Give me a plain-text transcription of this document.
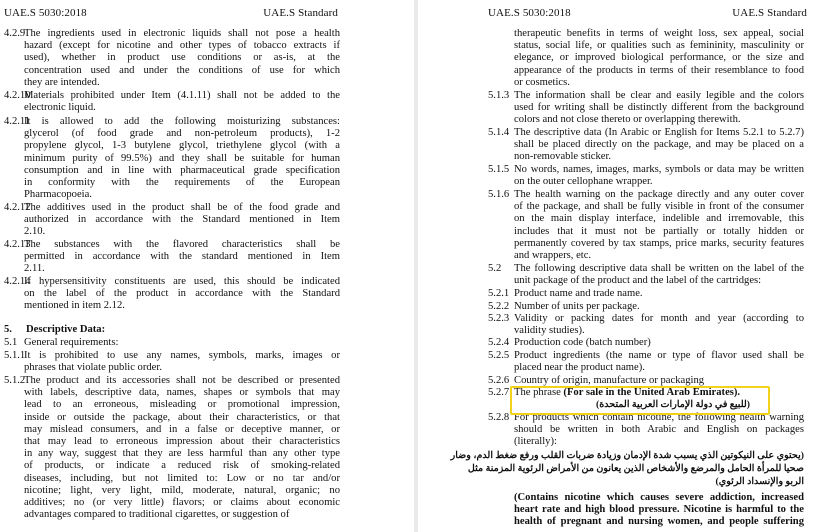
UAE.S 5030:2018	UAE.S Standard
4.2.9
The ingredients used in electronic liquids shall not pose a health
hazard (except for nicotine and other types of tobacco extracts if
used), whether in product use conditions or as-is, at the
concentration used and under the conditions of use for which
they are intended.
4.2.10
Materials prohibited under Item (4.1.11) shall not be added to the
electronic liquid.
4.2.11
It is allowed to add the following moisturizing substances:
glycerol (of food grade and non-petroleum products), 1-2
propylene glycol, 1-3 butylene glycol, triethylene glycol (with a
minimum purity of 99.5%) and they shall be suitable for human
consumption and in line with pharmaceutical grade specification
in conformity with the requirements of the European
Pharmacopoeia.
4.2.12
The additives used in the product shall be of the food grade and
authorized in accordance with the Standard mentioned in Item
2.10.
4.2.13
The substances with the flavored characteristics shall be
permitted in accordance with the standard mentioned in Item
2.11.
4.2.14
If hypersensitivity constituents are used, this should be indicated
on the label of the product in accordance with the Standard
mentioned in item 2.12.
5. Descriptive Data:
5.1 General requirements:
5.1.1
It is prohibited to use any names, symbols, marks, images or
phrases that violate public order.
5.1.2
The product and its accessories shall not be described or presented
with labels, descriptive data, names, shapes or symbols that may
lead to an erroneous, misleading or promotional impression,
inside or outside the package, about their characteristics, or that
may mislead consumers, and in a false or deceptive manner, or
that may lead to erroneous impression about their characteristics
in any way, suggest that they are less harmful than any other type
of products, or indicate a reduced risk of smoking-related
diseases, including, but not limited to: Low or no tar and/or
nicotine; light, very light, mild, moderate, natural, organic; no
additives; no (or very little) flavors; or claims about economic
advantages compared to traditional cigarettes, or suggestion of
UAE.S 5030:2018	UAE.S Standard
therapeutic benefits in terms of weight loss, sex appeal, social
status, social life, or qualities such as femininity, masculinity or
elegance, or improved biological performance, or the size and
appearance of the products in terms of their resemblance to food
or cosmetics.
5.1.3 The information shall be clear and easily legible and the colors
used for writing shall be distinctly different from the background
colors and not close thereto or overlapping therewith.
5.1.4 The descriptive data (In Arabic or English for Items 5.2.1 to 5.2.7)
shall be placed directly on the package, and may be placed on a
non-removable sticker.
5.1.5 No words, names, images, marks, symbols or data may be written
on the outer cellophane wrapper.
5.1.6 The health warning on the package directly and any outer cover
of the package, and shall be fully visible in front of the consumer
on the main display interface, indelible and irremovable, this
includes that it must not be partially or totally hidden or
permanently covered by tax stamps, price marks, security features
and wrappers, etc.
5.2 The following descriptive data shall be written on the label of the
unit package of the product and the label of the cartridges:
5.2.1 Product name and trade name.
5.2.2 Number of units per package.
5.2.3 Validity or packing dates for month and year (according to
validity studies).
5.2.4 Production code (batch number)
5.2.5 Product ingredients (the name or type of flavor used shall be
placed near the product name).
5.2.6 Country of origin, manufacture or packaging
5.2.7 The phrase (For sale in the United Arab Emirates).
(للبيع في دولة الإمارات العربية المتحدة)
5.2.8 For products which contain nicotine, the following health warning
should be written in both Arabic and English on packages
(literally):
(يحتوي على النيكوتين الذي يسبب شدة الإدمان وزيادة ضربات القلب ورفع ضغط الدم، وضار
صحيا للمرأة الحامل والمرضع والأشخاص الذين يعانون من الأمراض الرئوية المزمنة مثل
الربو والإنسداد الرئوي)
(Contains nicotine which causes severe addiction, increased
heart rate and high blood pressure. Nicotine is harmful to the
health of pregnant and nursing women, and people suffering
